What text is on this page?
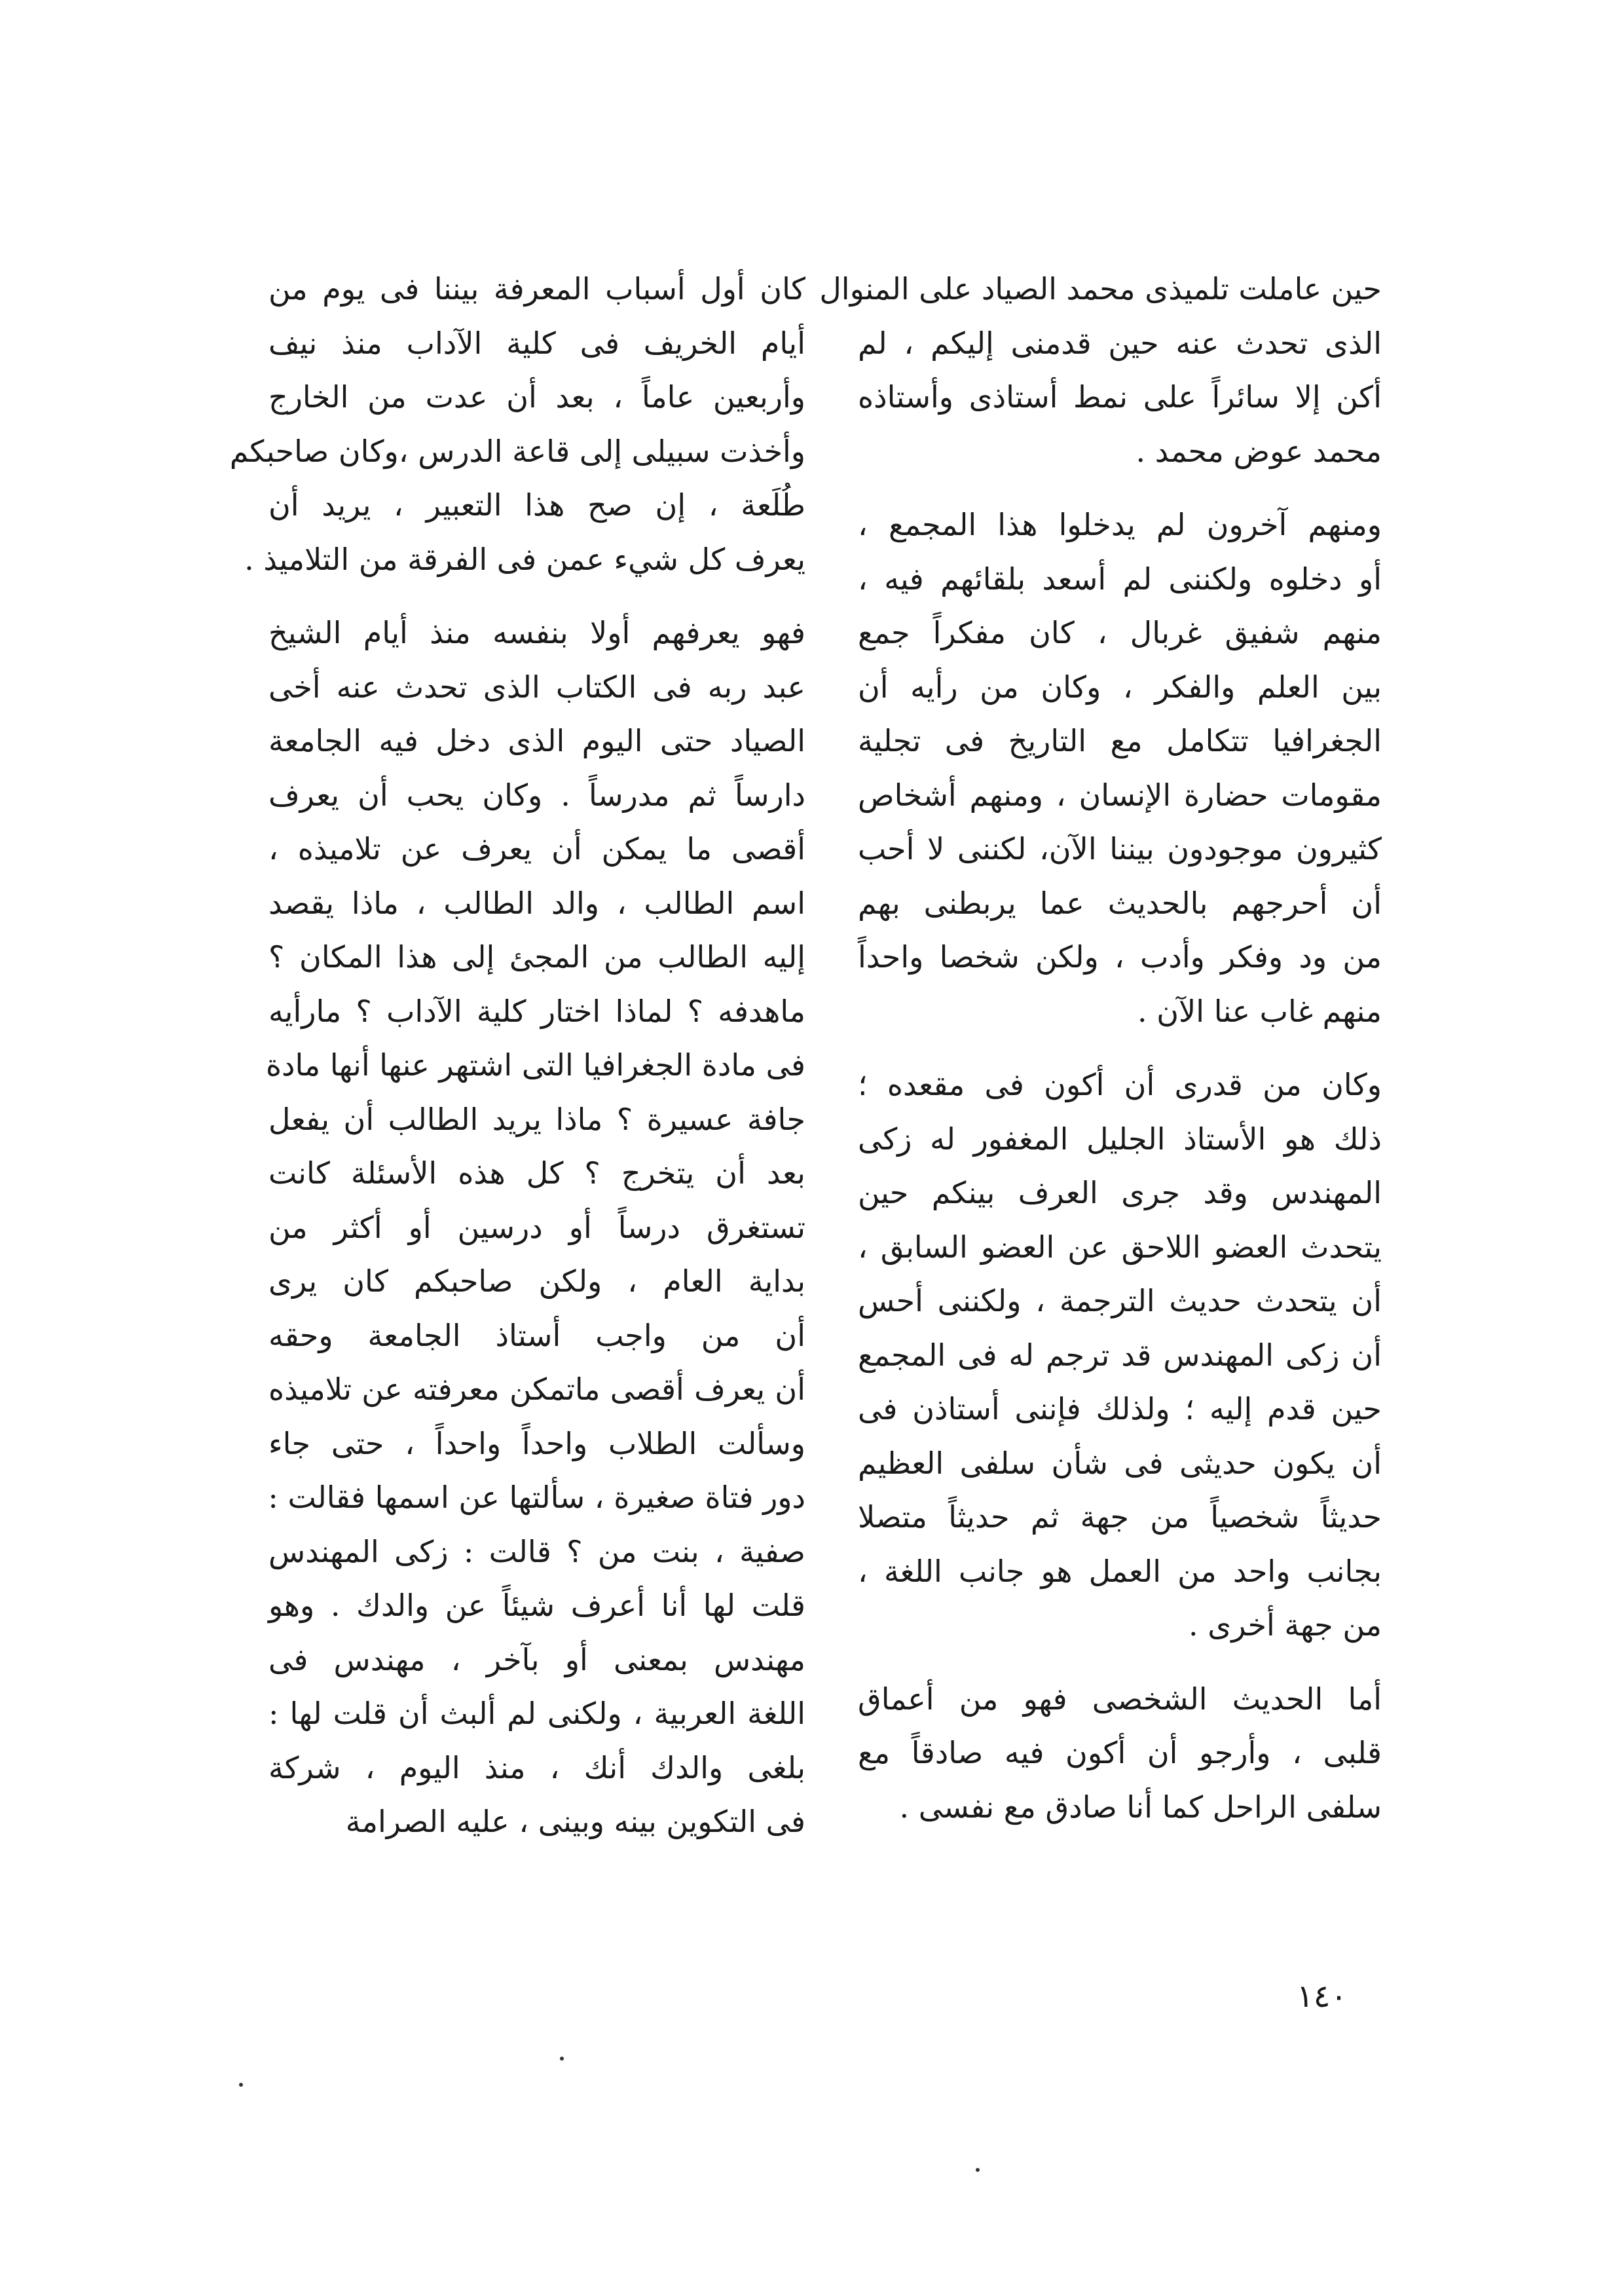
حين عاملت تلميذى محمد الصياد على المنوال
الذى تحدث عنه حين قدمنى إليكم ، لم
أكن إلا سائراً على نمط أستاذى وأستاذه
محمد عوض محمد .
ومنهم آخرون لم يدخلوا هذا المجمع ،
أو دخلوه ولكننى لم أسعد بلقائهم فيه ،
منهم شفيق غربال ، كان مفكراً جمع
بين العلم والفكر ، وكان من رأيه أن
الجغرافيا تتكامل مع التاريخ فى تجلية
مقومات حضارة الإنسان ، ومنهم أشخاص
كثيرون موجودون بيننا الآن، لكننى لا أحب
أن أحرجهم بالحديث عما يربطنى بهم
من ود وفكر وأدب ، ولكن شخصا واحداً
منهم غاب عنا الآن .
وكان من قدرى أن أكون فى مقعده ؛
ذلك هو الأستاذ الجليل المغفور له زكى
المهندس وقد جرى العرف بينكم حين
يتحدث العضو اللاحق عن العضو السابق ،
أن يتحدث حديث الترجمة ، ولكننى أحس
أن زكى المهندس قد ترجم له فى المجمع
حين قدم إليه ؛ ولذلك فإننى أستاذن فى
أن يكون حديثى فى شأن سلفى العظيم
حديثاً شخصياً من جهة ثم حديثاً متصلا
بجانب واحد من العمل هو جانب اللغة ،
من جهة أخرى .
أما الحديث الشخصى فهو من أعماق
قلبى ، وأرجو أن أكون فيه صادقاً مع
سلفى الراحل كما أنا صادق مع نفسى .
كان أول أسباب المعرفة بيننا فى يوم من
أيام الخريف فى كلية الآداب منذ نيف
وأربعين عاماً ، بعد أن عدت من الخارج
وأخذت سبيلى إلى قاعة الدرس ،وكان صاحبكم
طُلَعة ، إن صح هذا التعبير ، يريد أن
يعرف كل شيء عمن فى الفرقة من التلاميذ .
فهو يعرفهم أولا بنفسه منذ أيام الشيخ
عبد ربه فى الكتاب الذى تحدث عنه أخى
الصياد حتى اليوم الذى دخل فيه الجامعة
دارساً ثم مدرساً . وكان يحب أن يعرف
أقصى ما يمكن أن يعرف عن تلاميذه ،
اسم الطالب ، والد الطالب ، ماذا يقصد
إليه الطالب من المجئ إلى هذا المكان ؟
ماهدفه ؟ لماذا اختار كلية الآداب ؟ مارأيه
فى مادة الجغرافيا التى اشتهر عنها أنها مادة
جافة عسيرة ؟ ماذا يريد الطالب أن يفعل
بعد أن يتخرج ؟ كل هذه الأسئلة كانت
تستغرق درساً أو درسين أو أكثر من
بداية العام ، ولكن صاحبكم كان يرى
أن من واجب أستاذ الجامعة وحقه
أن يعرف أقصى ماتمكن معرفته عن تلاميذه
وسألت الطلاب واحداً واحداً ، حتى جاء
دور فتاة صغيرة ، سألتها عن اسمها فقالت :
صفية ، بنت من ؟ قالت : زكى المهندس
قلت لها أنا أعرف شيئاً عن والدك . وهو
مهندس بمعنى أو بآخر ، مهندس فى
اللغة العربية ، ولكنى لم ألبث أن قلت لها :
بلغى والدك أنك ، منذ اليوم ، شركة
فى التكوين بينه وبينى ، عليه الصرامة
١٤٠
